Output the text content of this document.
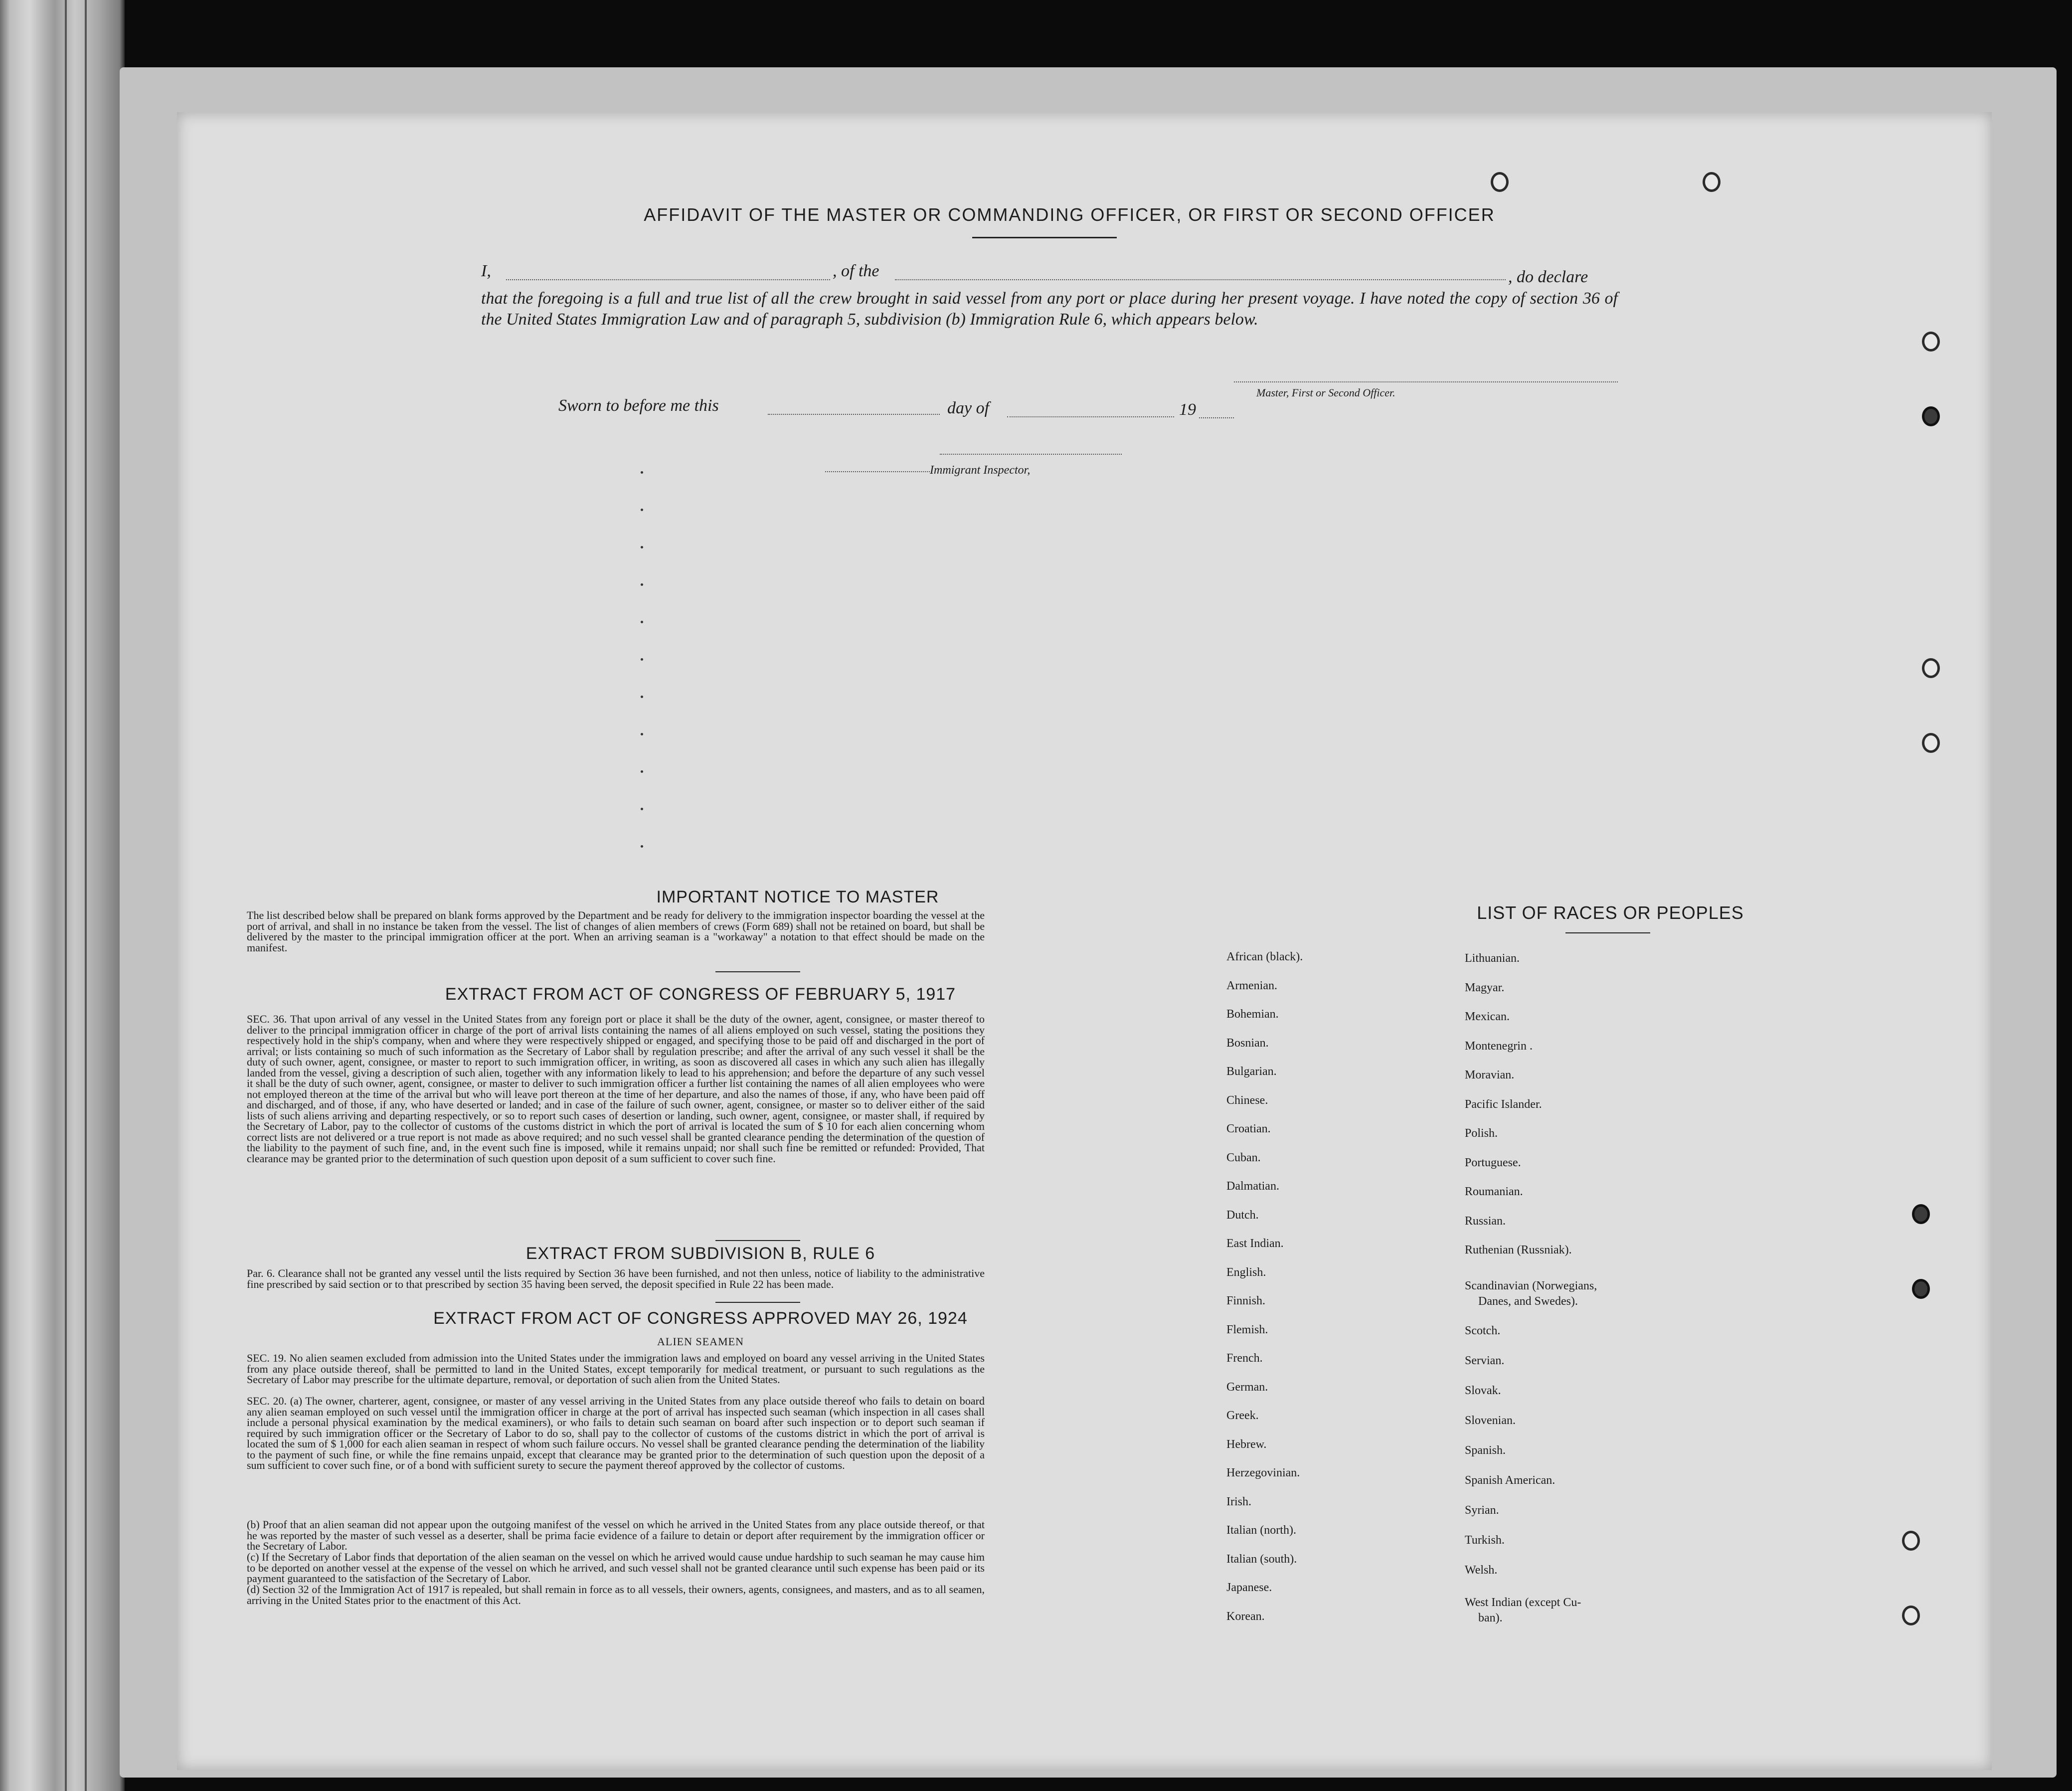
AFFIDAVIT OF THE MASTER OR COMMANDING OFFICER, OR FIRST OR SECOND OFFICER
I,	, of the	, do declare
that the foregoing is a full and true list of all the crew brought in said vessel from any port or place during her present voyage. I have noted the copy of section 36 of the United States Immigration Law and of paragraph 5, subdivision (b) Immigration Rule 6, which appears below.
Master, First or Second Officer.
Sworn to before me this	day of	19
Immigrant Inspector,
IMPORTANT NOTICE TO MASTER
The list described below shall be prepared on blank forms approved by the Department and be ready for delivery to the immigration inspector boarding the vessel at the port of arrival, and shall in no instance be taken from the vessel. The list of changes of alien members of crews (Form 689) shall not be retained on board, but shall be delivered by the master to the principal immigration officer at the port. When an arriving seaman is a "workaway" a notation to that effect should be made on the manifest.
EXTRACT FROM ACT OF CONGRESS OF FEBRUARY 5, 1917
SEC. 36. That upon arrival of any vessel in the United States from any foreign port or place it shall be the duty of the owner, agent, consignee, or master thereof to deliver to the principal immigration officer in charge of the port of arrival lists containing the names of all aliens employed on such vessel, stating the positions they respectively hold in the ship's company, when and where they were respectively shipped or engaged, and specifying those to be paid off and discharged in the port of arrival; or lists containing so much of such information as the Secretary of Labor shall by regulation prescribe; and after the arrival of any such vessel it shall be the duty of such owner, agent, consignee, or master to report to such immigration officer, in writing, as soon as discovered all cases in which any such alien has illegally landed from the vessel, giving a description of such alien, together with any information likely to lead to his apprehension; and before the departure of any such vessel it shall be the duty of such owner, agent, consignee, or master to deliver to such immigration officer a further list containing the names of all alien employees who were not employed thereon at the time of the arrival but who will leave port thereon at the time of her departure, and also the names of those, if any, who have been paid off and discharged, and of those, if any, who have deserted or landed; and in case of the failure of such owner, agent, consignee, or master so to deliver either of the said lists of such aliens arriving and departing respectively, or so to report such cases of desertion or landing, such owner, agent, consignee, or master shall, if required by the Secretary of Labor, pay to the collector of customs of the customs district in which the port of arrival is located the sum of $ 10 for each alien concerning whom correct lists are not delivered or a true report is not made as above required; and no such vessel shall be granted clearance pending the determination of the question of the liability to the payment of such fine, and, in the event such fine is imposed, while it remains unpaid; nor shall such fine be remitted or refunded: Provided, That clearance may be granted prior to the determination of such question upon deposit of a sum sufficient to cover such fine.
EXTRACT FROM SUBDIVISION B, RULE 6
Par. 6. Clearance shall not be granted any vessel until the lists required by Section 36 have been furnished, and not then unless, notice of liability to the administrative fine prescribed by said section or to that prescribed by section 35 having been served, the deposit specified in Rule 22 has been made.
EXTRACT FROM ACT OF CONGRESS APPROVED MAY 26, 1924
ALIEN SEAMEN
SEC. 19. No alien seamen excluded from admission into the United States under the immigration laws and employed on board any vessel arriving in the United States from any place outside thereof, shall be permitted to land in the United States, except temporarily for medical treatment, or pursuant to such regulations as the Secretary of Labor may prescribe for the ultimate departure, removal, or deportation of such alien from the United States.
SEC. 20. (a) The owner, charterer, agent, consignee, or master of any vessel arriving in the United States from any place outside thereof who fails to detain on board any alien seaman employed on such vessel until the immigration officer in charge at the port of arrival has inspected such seaman (which inspection in all cases shall include a personal physical examination by the medical examiners), or who fails to detain such seaman on board after such inspection or to deport such seaman if required by such immigration officer or the Secretary of Labor to do so, shall pay to the collector of customs of the customs district in which the port of arrival is located the sum of $ 1,000 for each alien seaman in respect of whom such failure occurs. No vessel shall be granted clearance pending the determination of the liability to the payment of such fine, or while the fine remains unpaid, except that clearance may be granted prior to the determination of such question upon the deposit of a sum sufficient to cover such fine, or of a bond with sufficient surety to secure the payment thereof approved by the collector of customs.
(b) Proof that an alien seaman did not appear upon the outgoing manifest of the vessel on which he arrived in the United States from any place outside thereof, or that he was reported by the master of such vessel as a deserter, shall be prima facie evidence of a failure to detain or deport after requirement by the immigration officer or the Secretary of Labor.
(c) If the Secretary of Labor finds that deportation of the alien seaman on the vessel on which he arrived would cause undue hardship to such seaman he may cause him to be deported on another vessel at the expense of the vessel on which he arrived, and such vessel shall not be granted clearance until such expense has been paid or its payment guaranteed to the satisfaction of the Secretary of Labor.
(d) Section 32 of the Immigration Act of 1917 is repealed, but shall remain in force as to all vessels, their owners, agents, consignees, and masters, and as to all seamen, arriving in the United States prior to the enactment of this Act.
LIST OF RACES OR PEOPLES
African (black).
Armenian.
Bohemian.
Bosnian.
Bulgarian.
Chinese.
Croatian.
Cuban.
Dalmatian.
Dutch.
East Indian.
English.
Finnish.
Flemish.
French.
German.
Greek.
Hebrew.
Herzegovinian.
Irish.
Italian (north).
Italian (south).
Japanese.
Korean.
Lithuanian.
Magyar.
Mexican.
Montenegrin .
Moravian.
Pacific Islander.
Polish.
Portuguese.
Roumanian.
Russian.
Ruthenian (Russniak).
Scandinavian (Norwegians,
Danes, and Swedes).
Scotch.
Servian.
Slovak.
Slovenian.
Spanish.
Spanish American.
Syrian.
Turkish.
Welsh.
West Indian (except Cu-
ban).
